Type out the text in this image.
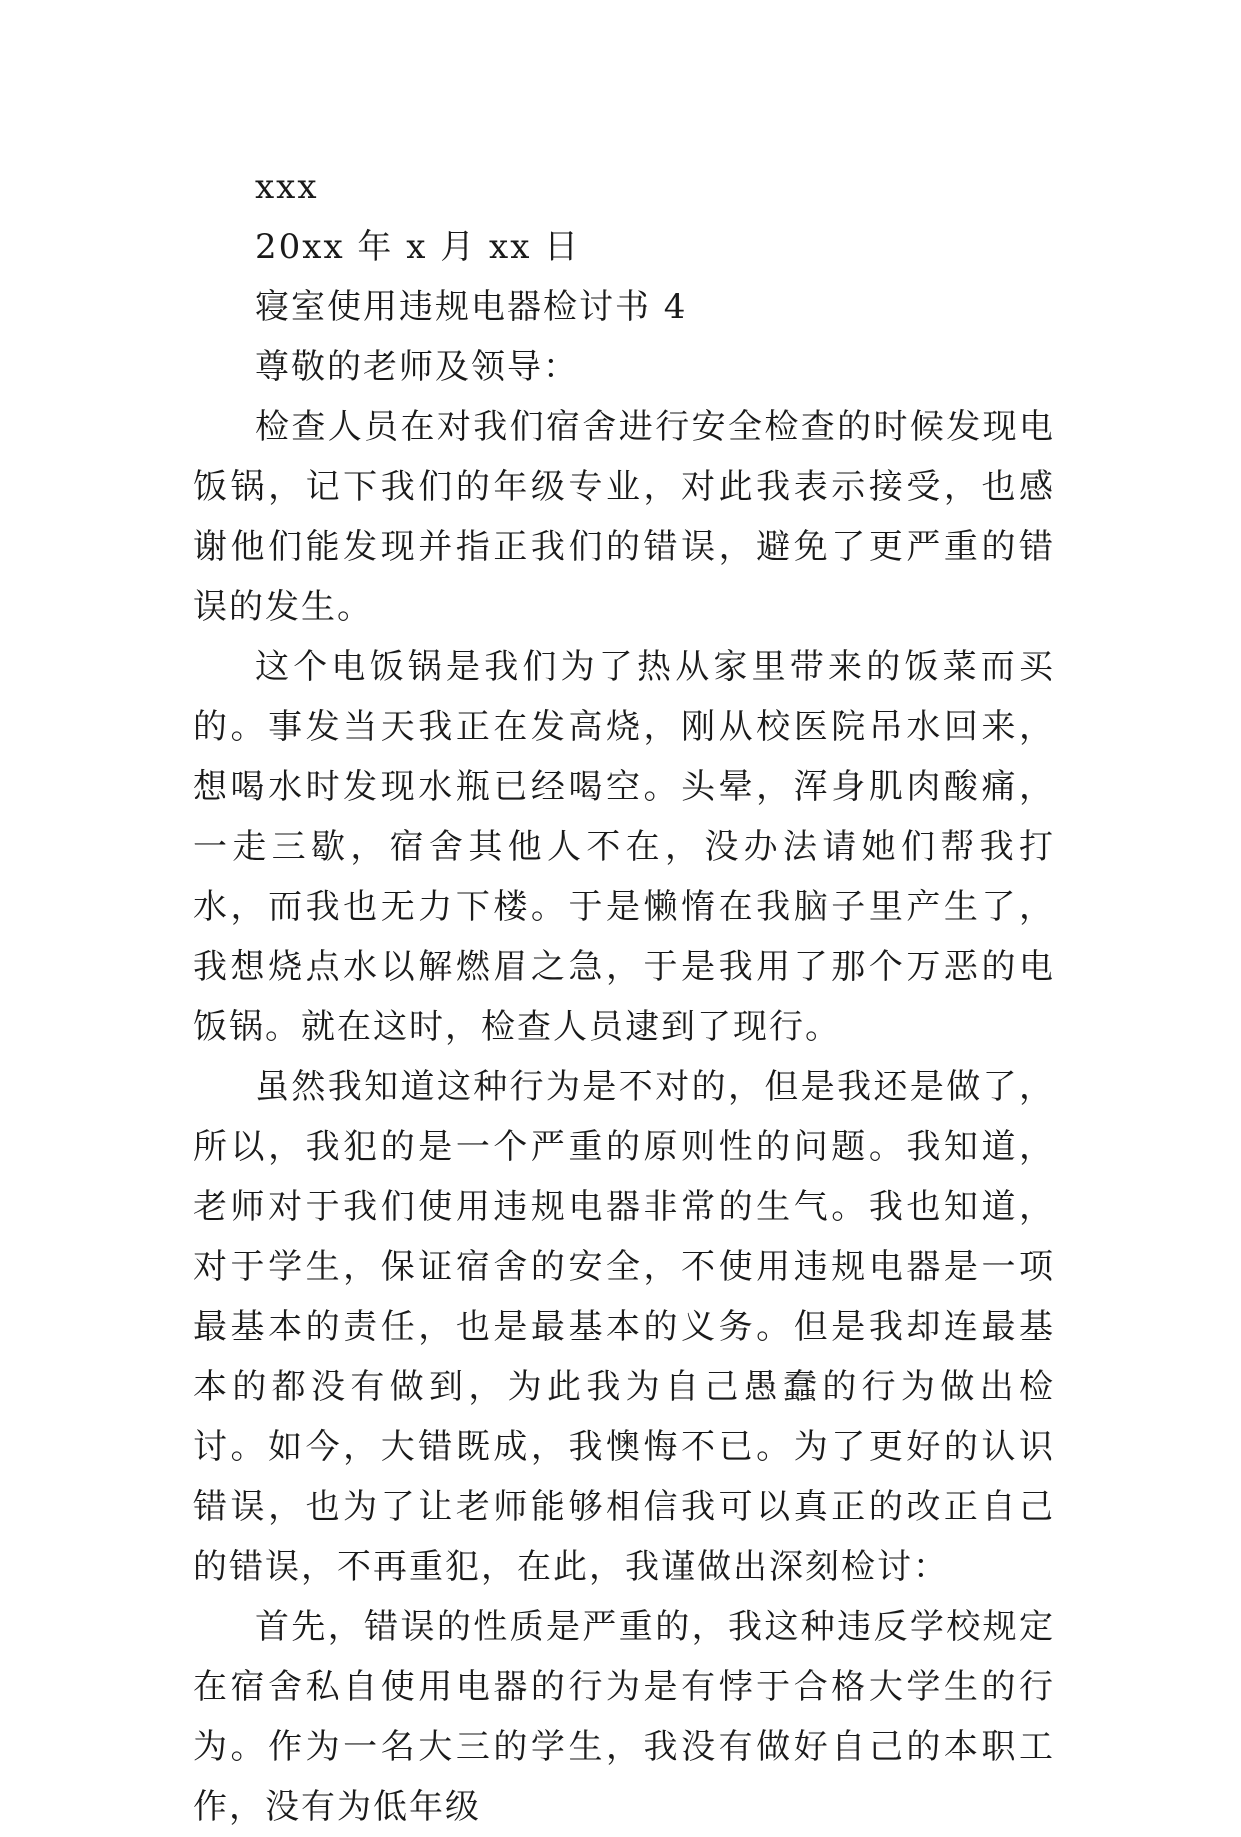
xxx

20xx 年 x 月 xx 日

寝室使用违规电器检讨书 4

尊敬的老师及领导：

检查人员在对我们宿舍进行安全检查的时候发现电饭锅，记下我们的年级专业，对此我表示接受，也感谢他们能发现并指正我们的错误，避免了更严重的错误的发生。

这个电饭锅是我们为了热从家里带来的饭菜而买的。事发当天我正在发高烧，刚从校医院吊水回来，想喝水时发现水瓶已经喝空。头晕，浑身肌肉酸痛，一走三歇，宿舍其他人不在，没办法请她们帮我打水，而我也无力下楼。于是懒惰在我脑子里产生了，我想烧点水以解燃眉之急，于是我用了那个万恶的电饭锅。就在这时，检查人员逮到了现行。

虽然我知道这种行为是不对的，但是我还是做了，所以，我犯的是一个严重的原则性的问题。我知道，老师对于我们使用违规电器非常的生气。我也知道，对于学生，保证宿舍的安全，不使用违规电器是一项最基本的责任，也是最基本的义务。但是我却连最基本的都没有做到，为此我为自己愚蠢的行为做出检讨。如今，大错既成，我懊悔不已。为了更好的认识错误，也为了让老师能够相信我可以真正的改正自己的错误，不再重犯，在此，我谨做出深刻检讨：

首先，错误的性质是严重的，我这种违反学校规定在宿舍私自使用电器的行为是有悖于合格大学生的行为。作为一名大三的学生，我没有做好自己的本职工作，没有为低年级
